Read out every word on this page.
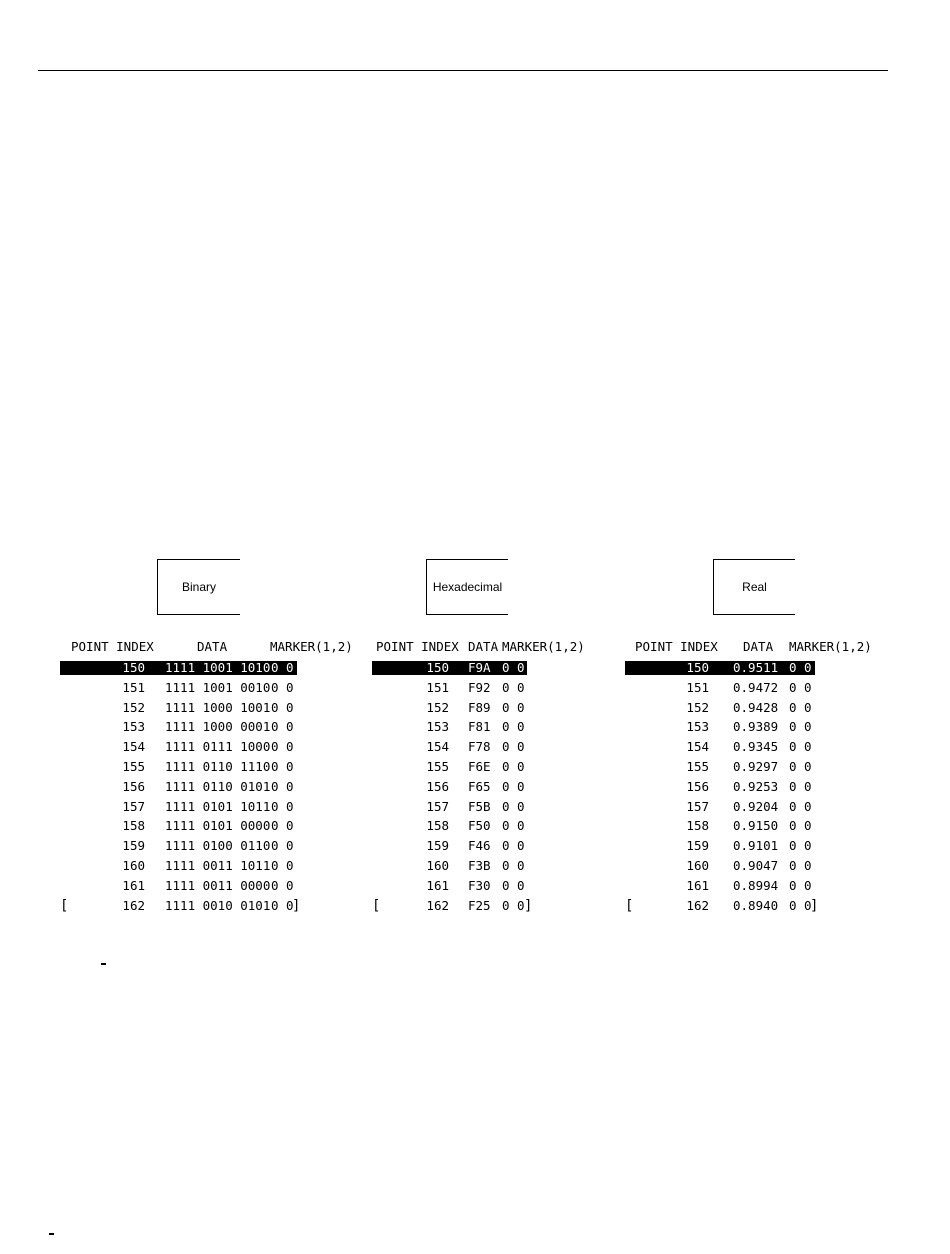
Binary
POINT INDEX	DATA	MARKER(1,2)
150 1111 1001 1010 0 0
151 1111 1001 0010 0 0
152 1111 1000 1001 0 0
153 1111 1000 0001 0 0
154 1111 0111 1000 0 0
155 1111 0110 1110 0 0
156 1111 0110 0101 0 0
157 1111 0101 1011 0 0
158 1111 0101 0000 0 0
159 1111 0100 0110 0 0
160 1111 0011 1011 0 0
161 1111 0011 0000 0 0
162 1111 0010 0101 0 0
[	]
Hexadecimal
POINT INDEX DATA MARKER(1,2)
150 F9A 0 0
151 F92 0 0
152 F89 0 0
153 F81 0 0
154 F78 0 0
155 F6E 0 0
156 F65 0 0
157 F5B 0 0
158 F50 0 0
159 F46 0 0
160 F3B 0 0
161 F30 0 0
162 F25 0 0
[	]
Real
POINT INDEX DATA MARKER(1,2)
150 0.9511 0 0
151 0.9472 0 0
152 0.9428 0 0
153 0.9389 0 0
154 0.9345 0 0
155 0.9297 0 0
156 0.9253 0 0
157 0.9204 0 0
158 0.9150 0 0
159 0.9101 0 0
160 0.9047 0 0
161 0.8994 0 0
162 0.8940 0 0
[	]
